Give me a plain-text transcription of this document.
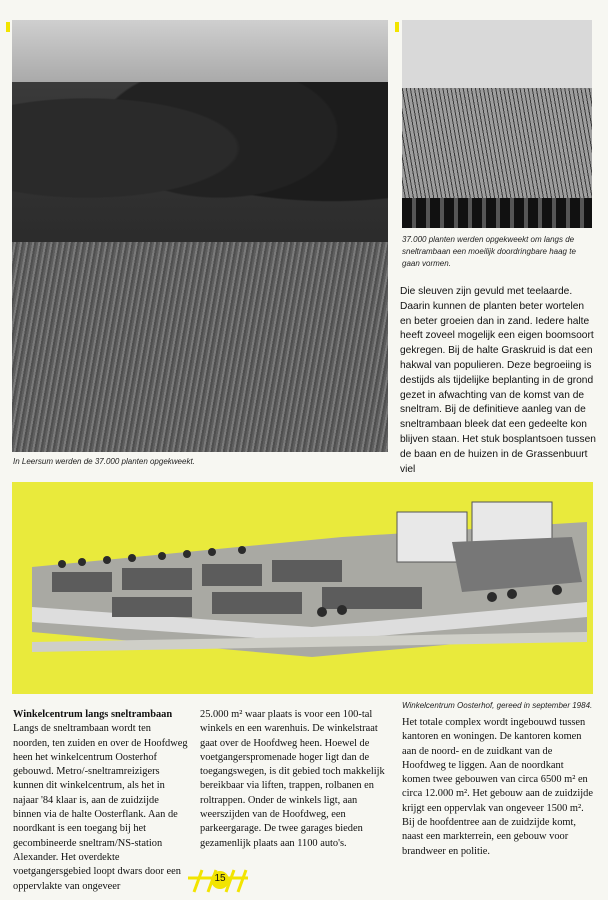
In Leersum werden de 37.000 planten opgekweekt.
37.000 planten werden opgekweekt om langs de sneltrambaan een moeilijk doordringbare haag te gaan vormen.
Die sleuven zijn gevuld met teelaarde. Daarin kunnen de planten beter wortelen en beter groeien dan in zand. Iedere halte heeft zoveel mogelijk een eigen boomsoort gekregen. Bij de halte Graskruid is dat een hakwal van populieren. Deze begroeiing is destijds als tijdelijke beplanting in de grond gezet in afwachting van de komst van de sneltram. Bij de definitieve aanleg van de sneltrambaan bleek dat een gedeelte kon blijven staan. Het stuk bosplantsoen tussen de baan en de huizen in de Grassenbuurt viel
Winkelcentrum langs sneltrambaan
Langs de sneltrambaan wordt ten noorden, ten zuiden en over de Hoofdweg heen het winkelcentrum Oosterhof gebouwd. Metro/-sneltramreizigers kunnen dit winkelcentrum, als het in najaar '84 klaar is, aan de zuidzijde binnen via de halte Oosterflank. Aan de noordkant is een toegang bij het gecombineerde sneltram/NS-station Alexander. Het overdekte voetgangersgebied loopt dwars door een oppervlakte van ongeveer
25.000 m² waar plaats is voor een 100-tal winkels en een warenhuis. De winkelstraat gaat over de Hoofdweg heen. Hoewel de voetgangerspromenade hoger ligt dan de toegangswegen, is dit gebied toch makkelijk bereikbaar via liften, trappen, rolbanen en roltrappen. Onder de winkels ligt, aan weerszijden van de Hoofdweg, een parkeergarage. De twee garages bieden gezamenlijk plaats aan 1100 auto's.
Winkelcentrum Oosterhof, gereed in september 1984.
Het totale complex wordt ingebouwd tussen kantoren en woningen. De kantoren komen aan de noord- en de zuidkant van de Hoofdweg te liggen. Aan de noordkant komen twee gebouwen van circa 6500 m² en circa 12.000 m². Het gebouw aan de zuidzijde krijgt een oppervlak van ongeveer 1500 m². Bij de hoofdentree aan de zuidzijde komt, naast een markterrein, een gebouw voor brandweer en politie.
15
